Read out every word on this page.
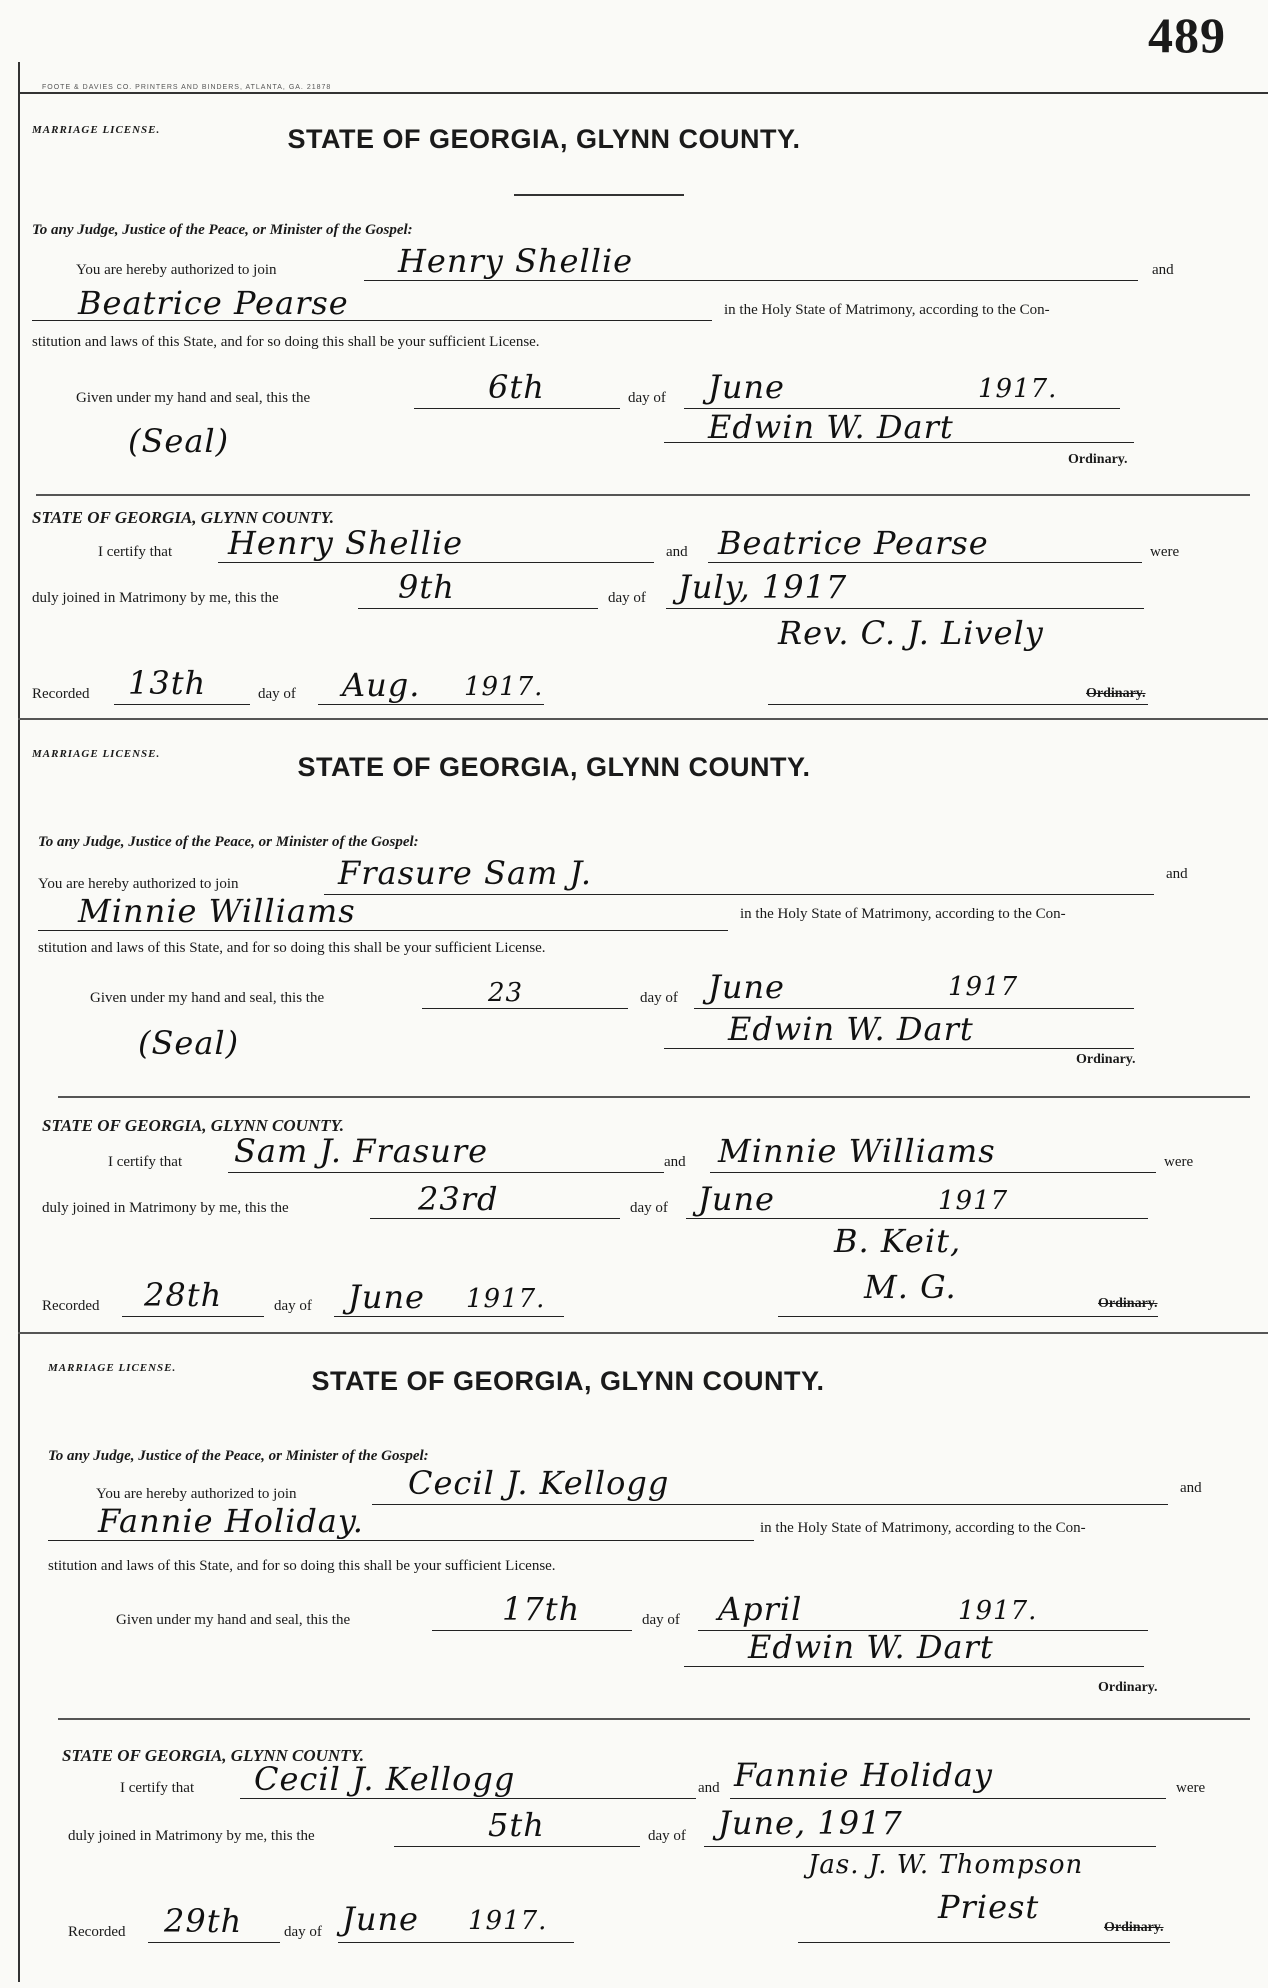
489
FOOTE & DAVIES CO. PRINTERS AND BINDERS, ATLANTA, GA. 21878
MARRIAGE LICENSE.	STATE OF GEORGIA, GLYNN COUNTY.
To any Judge, Justice of the Peace, or Minister of the Gospel:
You are hereby authorized to join	Henry Shellie	and
Beatrice Pearse	in the Holy State of Matrimony, according to the Con-
stitution and laws of this State, and for so doing this shall be your sufficient License.
Given under my hand and seal, this the	6th	day of June	1917.
(Seal)	Edwin W. Dart
Ordinary.
STATE OF GEORGIA, GLYNN COUNTY.
I certify that Henry Shellie	and Beatrice Pearse	were
duly joined in Matrimony by me, this the	9th	day of July, 1917
Rev. C. J. Lively
Recorded 13th	day of Aug. 1917.	Ordinary.
MARRIAGE LICENSE.	STATE OF GEORGIA, GLYNN COUNTY.
To any Judge, Justice of the Peace, or Minister of the Gospel:
You are hereby authorized to join	Frasure Sam J.	and
Minnie Williams	in the Holy State of Matrimony, according to the Con-
stitution and laws of this State, and for so doing this shall be your sufficient License.
Given under my hand and seal, this the	23	day of June	1917
(Seal)	Edwin W. Dart
Ordinary.
STATE OF GEORGIA, GLYNN COUNTY.
I certify that Sam J. Frasure	and Minnie Williams	were
duly joined in Matrimony by me, this the	23rd	day of June	1917
B. Keit,
M. G.
Recorded 28th	day of June 1917.	Ordinary.
MARRIAGE LICENSE.	STATE OF GEORGIA, GLYNN COUNTY.
To any Judge, Justice of the Peace, or Minister of the Gospel:
You are hereby authorized to join	Cecil J. Kellogg	and
Fannie Holiday.	in the Holy State of Matrimony, according to the Con-
stitution and laws of this State, and for so doing this shall be your sufficient License.
Given under my hand and seal, this the	17th	day of April	1917.
Edwin W. Dart
Ordinary.
STATE OF GEORGIA, GLYNN COUNTY.
I certify that Cecil J. Kellogg	and Fannie Holiday	were
duly joined in Matrimony by me, this the	5th	day of June, 1917
Jas. J. W. Thompson
Priest
Recorded 29th	day of June 1917.	Ordinary.
